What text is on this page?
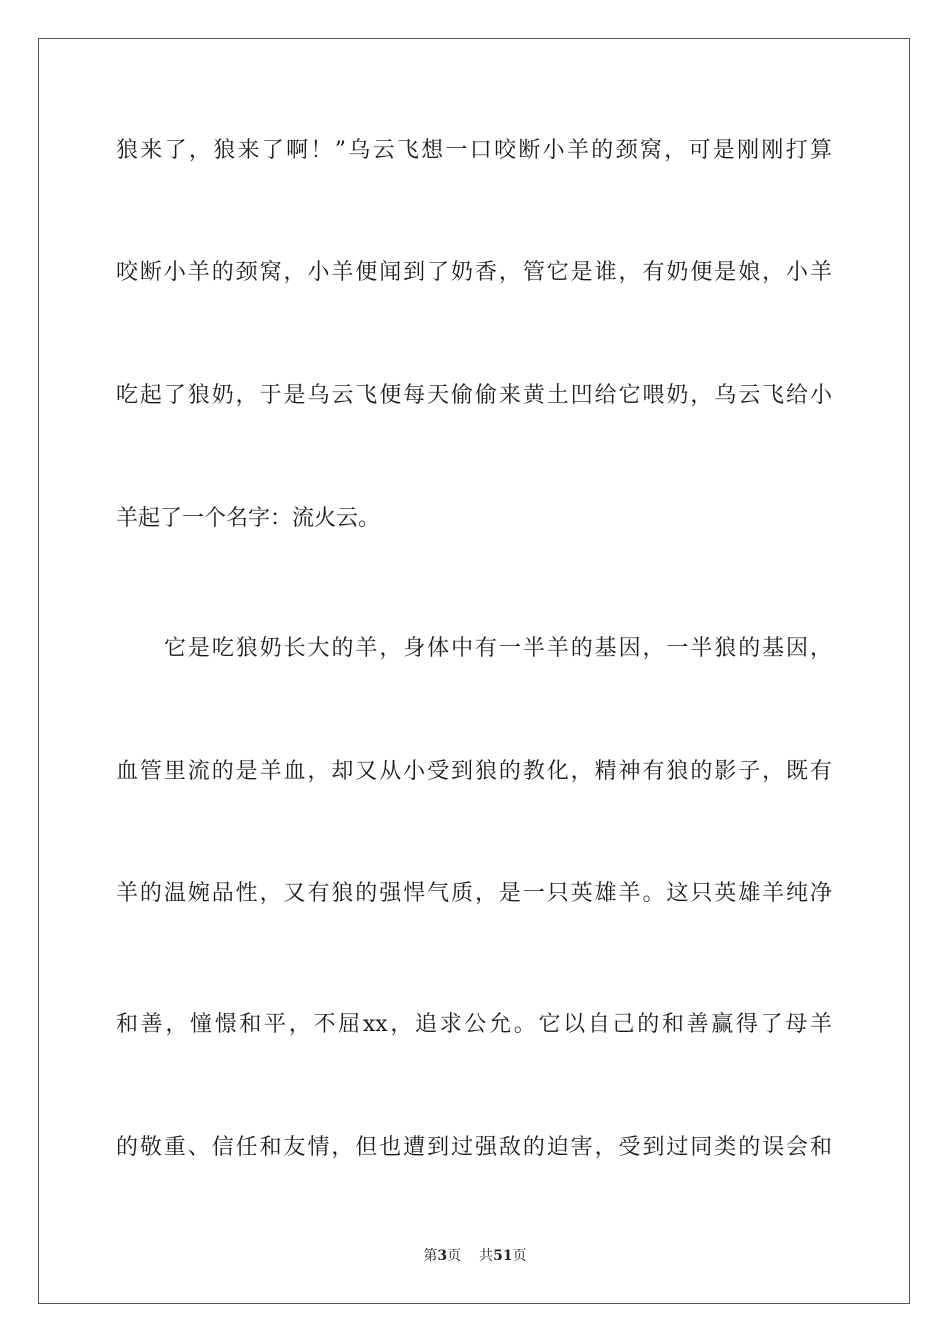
狼来了，狼来了啊！”乌云飞想一口咬断小羊的颈窝，可是刚刚打算
咬断小羊的颈窝，小羊便闻到了奶香，管它是谁，有奶便是娘，小羊
吃起了狼奶，于是乌云飞便每天偷偷来黄土凹给它喂奶，乌云飞给小
羊起了一个名字：流火云。
它是吃狼奶长大的羊，身体中有一半羊的基因，一半狼的基因，
血管里流的是羊血，却又从小受到狼的教化，精神有狼的影子，既有
羊的温婉品性，又有狼的强悍气质，是一只英雄羊。这只英雄羊纯净
和善，憧憬和平，不屈xx，追求公允。它以自己的和善赢得了母羊
的敬重、信任和友情，但也遭到过强敌的迫害，受到过同类的误会和
第3页 共51页
